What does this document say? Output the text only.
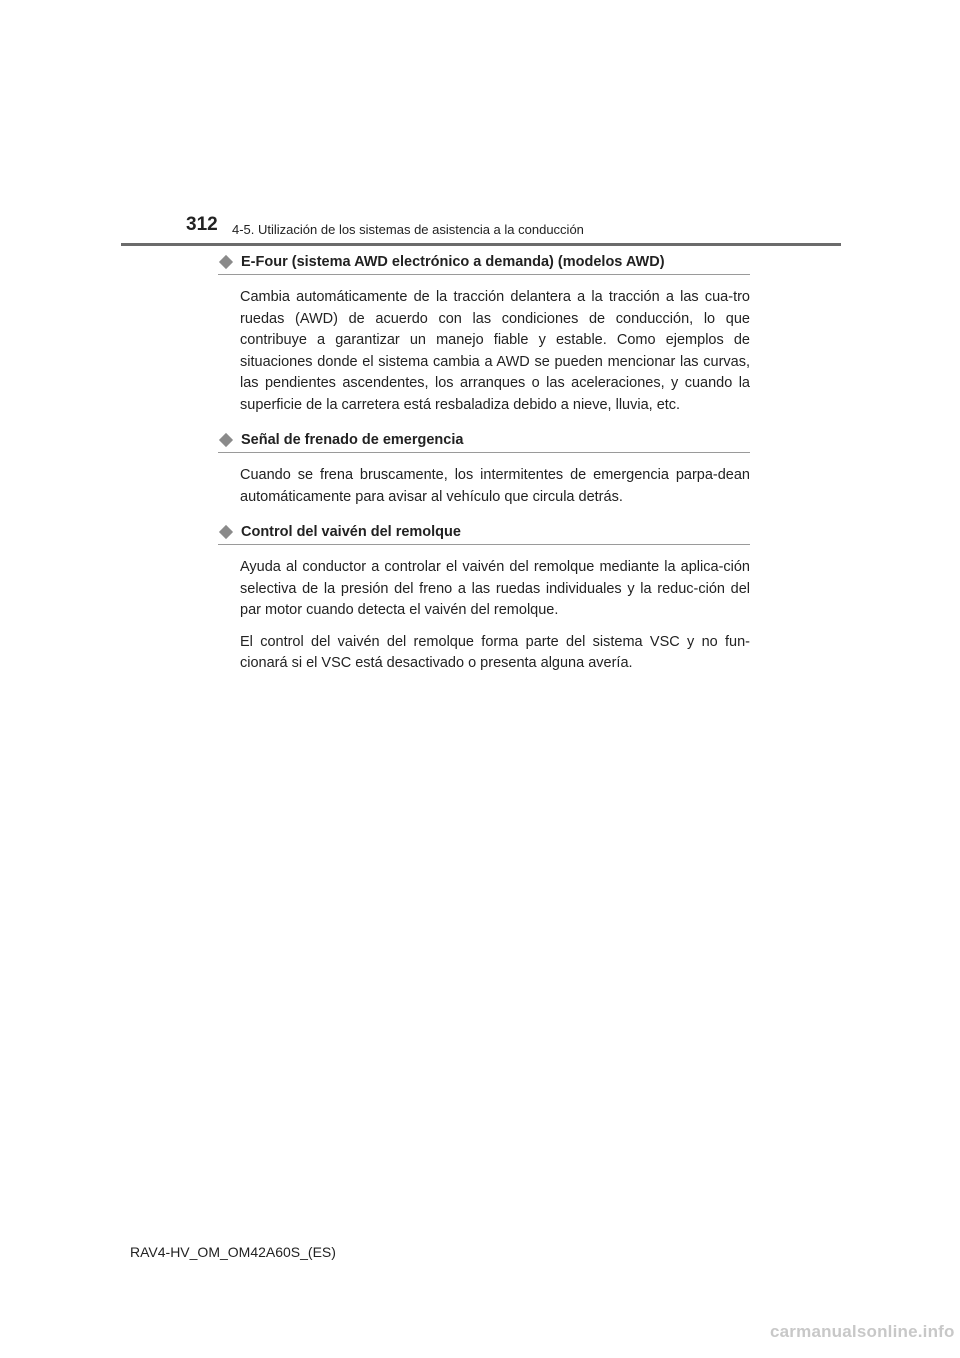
312 4-5. Utilización de los sistemas de asistencia a la conducción
E-Four (sistema AWD electrónico a demanda) (modelos AWD)

Cambia automáticamente de la tracción delantera a la tracción a las cua-tro ruedas (AWD) de acuerdo con las condiciones de conducción, lo que contribuye a garantizar un manejo fiable y estable. Como ejemplos de situaciones donde el sistema cambia a AWD se pueden mencionar las curvas, las pendientes ascendentes, los arranques o las aceleraciones, y cuando la superficie de la carretera está resbaladiza debido a nieve, lluvia, etc.

Señal de frenado de emergencia

Cuando se frena bruscamente, los intermitentes de emergencia parpa-dean automáticamente para avisar al vehículo que circula detrás.

Control del vaivén del remolque

Ayuda al conductor a controlar el vaivén del remolque mediante la aplica-ción selectiva de la presión del freno a las ruedas individuales y la reduc-ción del par motor cuando detecta el vaivén del remolque.

El control del vaivén del remolque forma parte del sistema VSC y no fun-cionará si el VSC está desactivado o presenta alguna avería.

RAV4-HV_OM_OM42A60S_(ES)
carmanualsonline.info
